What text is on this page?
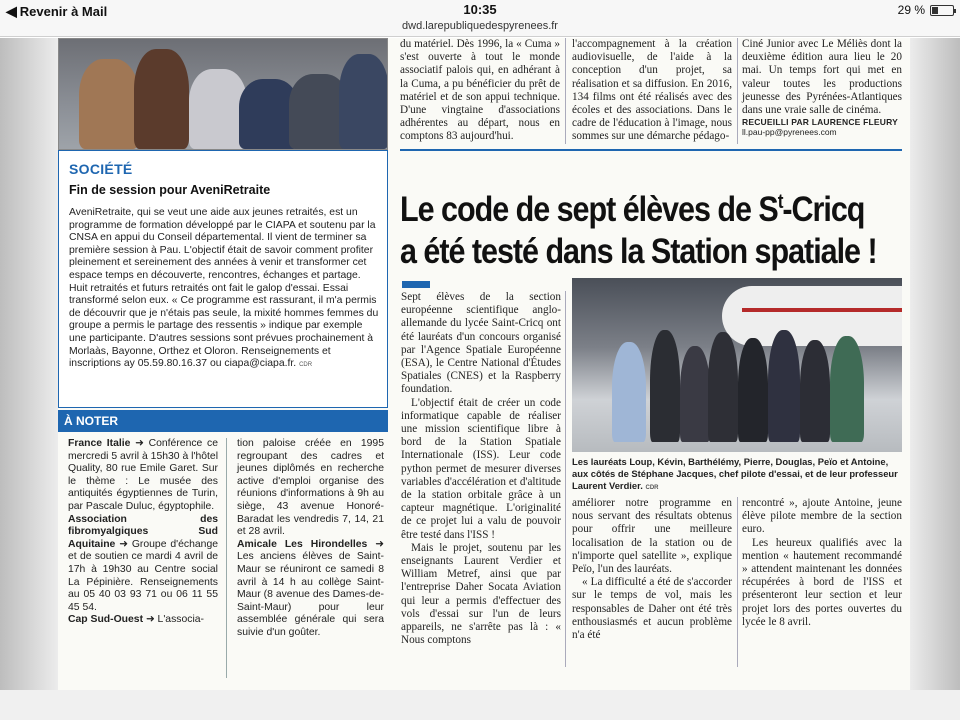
◀ Revenir à Mail	10:35
dwd.larepubliquedespyrenees.fr
29 %
SOCIÉTÉ
Fin de session pour AveniRetraite
AveniRetraite, qui se veut une aide aux jeunes retraités, est un programme de formation développé par le CIAPA et soutenu par la CNSA en appui du Conseil départemental. Il vient de terminer sa première session à Pau. L'objectif était de savoir comment profiter pleinement et sereinement des années à venir et transformer cet espace temps en découverte, rencontres, échanges et partage. Huit retraités et futurs retraités ont fait le galop d'essai. Essai transformé selon eux. « Ce programme est rassurant, il m'a permis de découvrir que je n'étais pas seule, la mixité hommes femmes du groupe a permis le partage des ressentis » indique par exemple une participante. D'autres sessions sont prévues prochainement à Morlaàs, Bayonne, Orthez et Oloron. Renseignements et inscriptions ay 05.59.80.16.37 ou ciapa@ciapa.fr. CDR
À NOTER
France Italie ➜ Conférence ce mercredi 5 avril à 15h30 à l'hôtel Quality, 80 rue Emile Garet. Sur le thème : Le musée des antiquités égyptiennes de Turin, par Pascale Duluc, égyptophile.
Association des fibromyalgiques Sud Aquitaine ➜ Groupe d'échange et de soutien ce mardi 4 avril de 17h à 19h30 au Centre social La Pépinière. Renseignements au 05 40 03 93 71 ou 06 11 55 45 54.
Cap Sud-Ouest ➜ L'associa-
tion paloise créée en 1995 regroupant des cadres et jeunes diplômés en recherche active d'emploi organise des réunions d'informations à 9h au siège, 43 avenue Honoré-Baradat les vendredis 7, 14, 21 et 28 avril.
Amicale Les Hirondelles ➜ Les anciens élèves de Saint-Maur se réuniront ce samedi 8 avril à 14 h au collège Saint-Maur (8 avenue des Dames-de-Saint-Maur) pour leur assemblée générale qui sera suivie d'un goûter.
du matériel. Dès 1996, la « Cuma » s'est ouverte à tout le monde associatif palois qui, en adhérant à la Cuma, a pu bénéficier du prêt de matériel et de son appui technique. D'une vingtaine d'associations adhérentes au départ, nous en comptons 83 aujourd'hui.
l'accompagnement à la création audiovisuelle, de l'aide à la conception d'un projet, sa réalisation et sa diffusion. En 2016, 134 films ont été réalisés avec des écoles et des associations. Dans le cadre de l'éducation à l'image, nous sommes sur une démarche pédago-
Ciné Junior avec Le Méliès dont la deuxième édition aura lieu le 20 mai. Un temps fort qui met en valeur toutes les productions jeunesse des Pyrénées-Atlantiques dans une vraie salle de cinéma.
RECUEILLI PAR LAURENCE FLEURY
ll.pau-pp@pyrenees.com
Le code de sept élèves de $S^t$-Cricq
a été testé dans la Station spatiale !

Sept élèves de la section européenne scientifique anglo-allemande du lycée Saint-Cricq ont été lauréats d'un concours organisé par l'Agence Spatiale Européenne (ESA), le Centre National d'Études Spatiales (CNES) et la Raspberry foundation.

L'objectif était de créer un code informatique capable de réaliser une mission scientifique libre à bord de la Station Spatiale Internationale (ISS). Leur code python permet de mesurer diverses variables d'accélération et d'altitude de la station orbitale grâce à un capteur magnétique. L'originalité de ce projet lui a valu de pouvoir être testé dans l'ISS !

Mais le projet, soutenu par les enseignants Laurent Verdier et William Metref, ainsi que par l'entreprise Daher Socata Aviation qui leur a permis d'effectuer des vols d'essai sur l'un de leurs appareils, ne s'arrête pas là : « Nous comptons

Les lauréats Loup, Kévin, Barthélémy, Pierre, Douglas, Peïo et Antoine, aux côtés de Stéphane Jacques, chef pilote d'essai, et de leur professeur Laurent Verdier. CDR

améliorer notre programme en nous servant des résultats obtenus pour offrir une meilleure localisation de la station ou de n'importe quel satellite », explique Peïo, l'un des lauréats.

« La difficulté a été de s'accorder sur le temps de vol, mais les responsables de Daher ont été très enthousiasmés et aucun problème n'a été

rencontré », ajoute Antoine, jeune élève pilote membre de la section euro.

Les heureux qualifiés avec la mention « hautement recommandé » attendent maintenant les données récupérées à bord de l'ISS et présenteront leur section et leur projet lors des portes ouvertes du lycée le 8 avril.
